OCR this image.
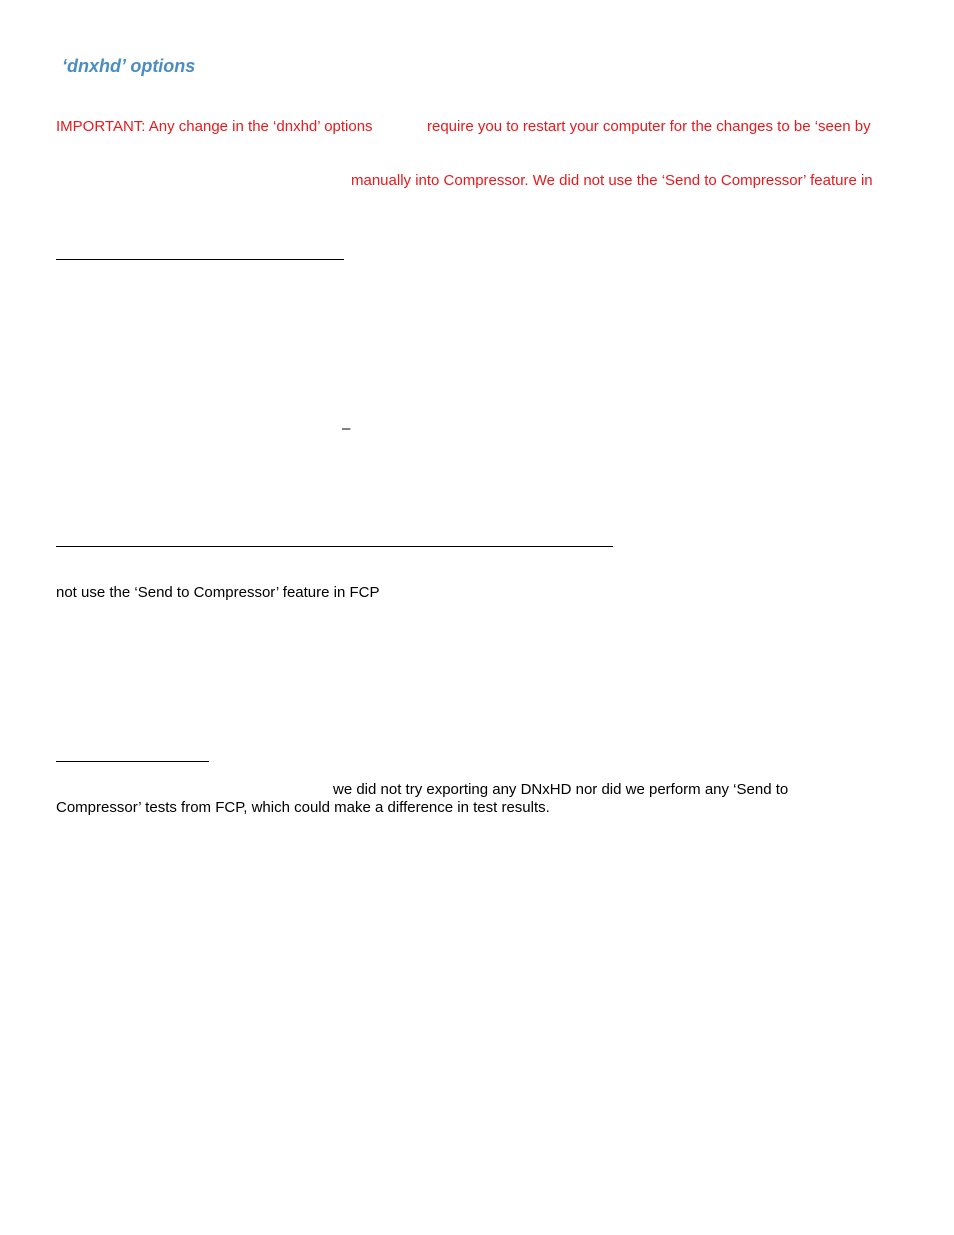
‘dnxhd’ options
IMPORTANT: Any change in the ‘dnxhd’ options	require you to restart your computer for the changes to be ‘seen by
manually into Compressor. We did not use the ‘Send to Compressor’ feature in
–
not use the ‘Send to Compressor’ feature in FCP
we did not try exporting any DNxHD nor did we perform any ‘Send to
Compressor’ tests from FCP, which could make a difference in test results.
